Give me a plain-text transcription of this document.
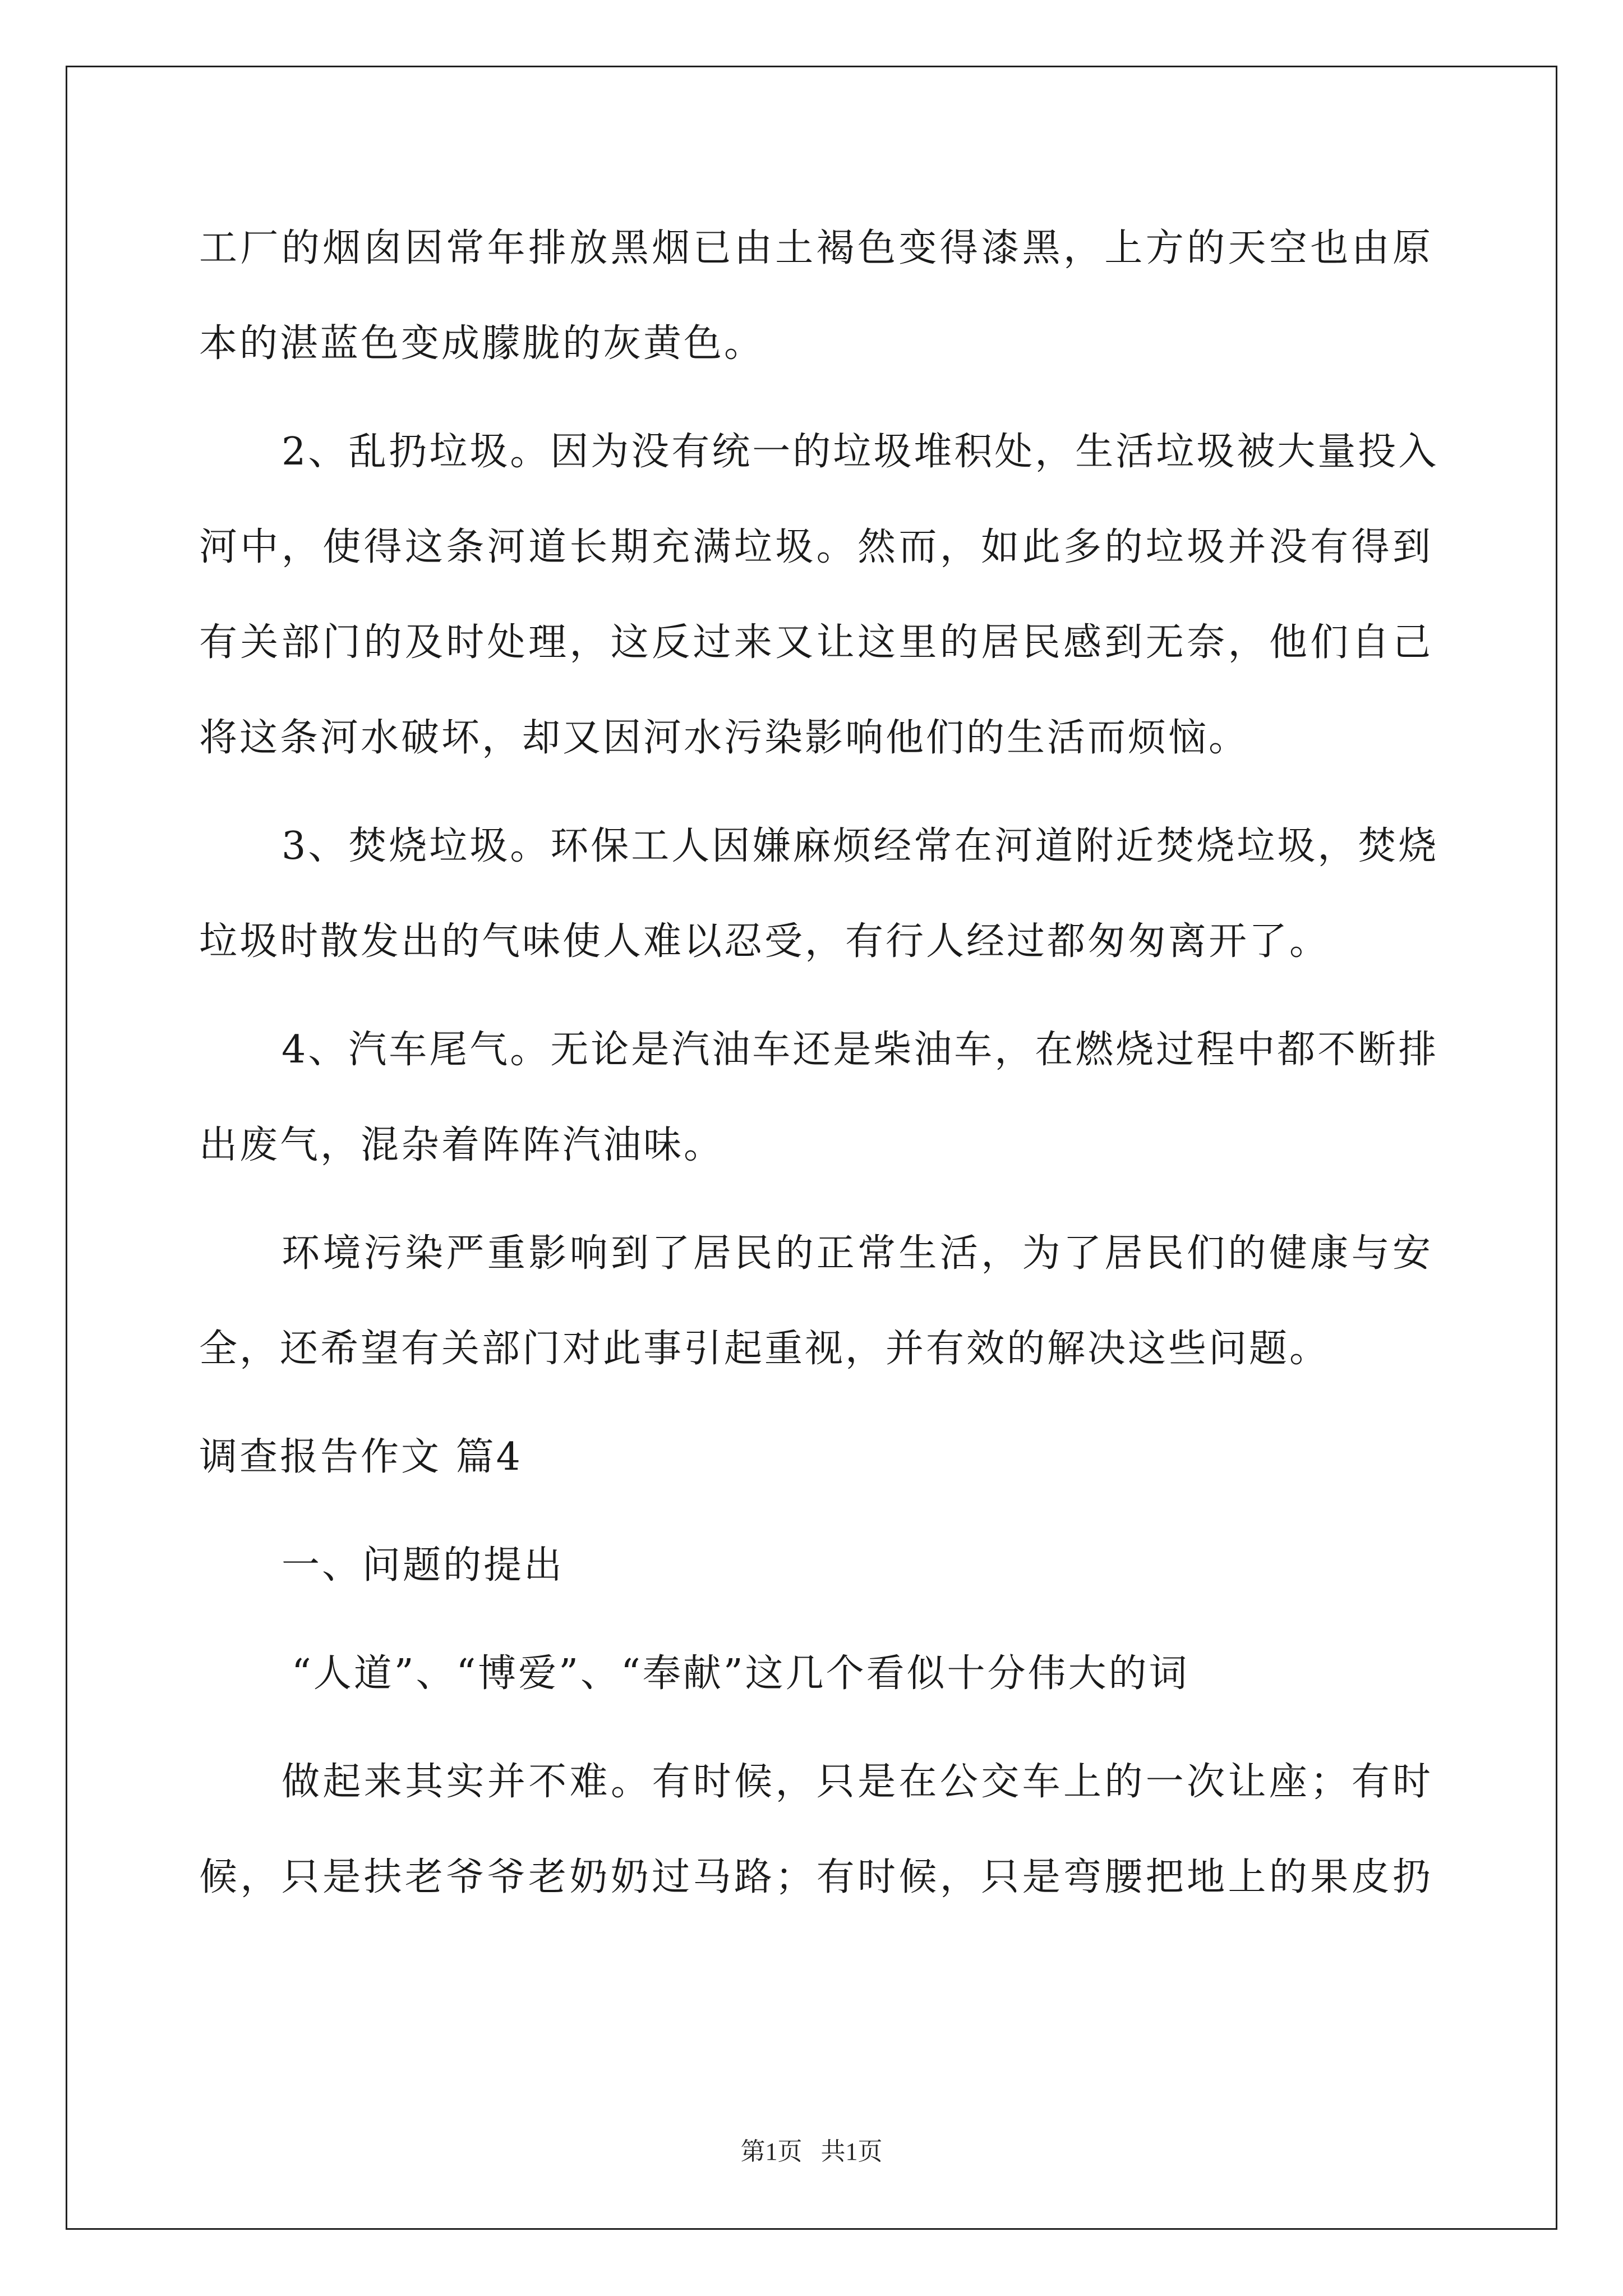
工厂的烟囱因常年排放黑烟已由土褐色变得漆黑，上方的天空也由原
本的湛蓝色变成朦胧的灰黄色。
2、乱扔垃圾。因为没有统一的垃圾堆积处，生活垃圾被大量投入
河中，使得这条河道长期充满垃圾。然而，如此多的垃圾并没有得到
有关部门的及时处理，这反过来又让这里的居民感到无奈，他们自己
将这条河水破坏，却又因河水污染影响他们的生活而烦恼。
3、焚烧垃圾。环保工人因嫌麻烦经常在河道附近焚烧垃圾，焚烧
垃圾时散发出的气味使人难以忍受，有行人经过都匆匆离开了。
4、汽车尾气。无论是汽油车还是柴油车，在燃烧过程中都不断排
出废气，混杂着阵阵汽油味。
环境污染严重影响到了居民的正常生活，为了居民们的健康与安
全，还希望有关部门对此事引起重视，并有效的解决这些问题。
调查报告作文 篇4
一、问题的提出
“人道”、“博爱”、“奉献”这几个看似十分伟大的词
做起来其实并不难。有时候，只是在公交车上的一次让座；有时
候，只是扶老爷爷老奶奶过马路；有时候，只是弯腰把地上的果皮扔
第1页   共1页
